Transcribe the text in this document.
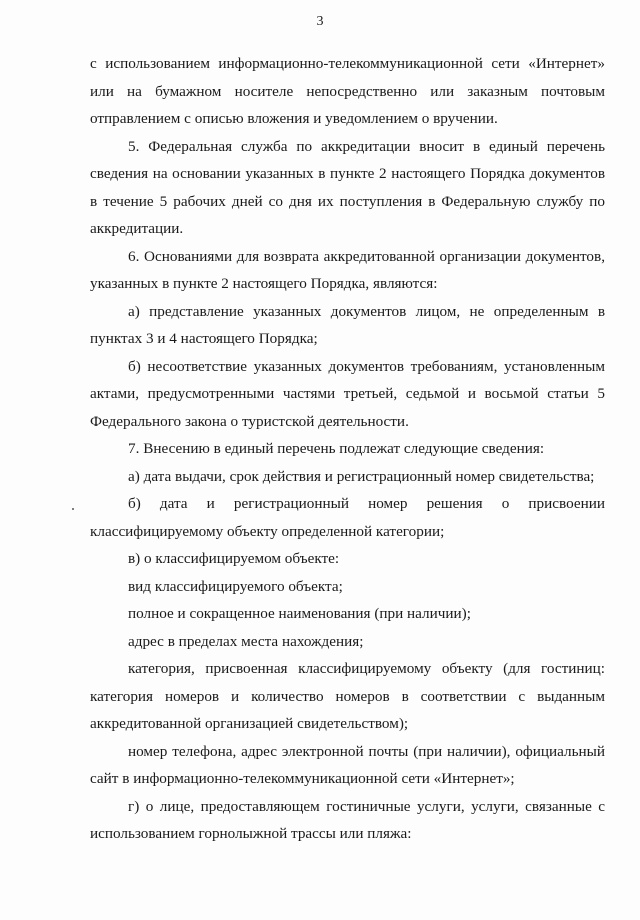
3

с использованием информационно-телекоммуникационной сети «Интернет» или на бумажном носителе непосредственно или заказным почтовым отправлением с описью вложения и уведомлением о вручении.

5. Федеральная служба по аккредитации вносит в единый перечень сведения на основании указанных в пункте 2 настоящего Порядка документов в течение 5 рабочих дней со дня их поступления в Федеральную службу по аккредитации.

6. Основаниями для возврата аккредитованной организации документов, указанных в пункте 2 настоящего Порядка, являются:

а) представление указанных документов лицом, не определенным в пунктах 3 и 4 настоящего Порядка;

б) несоответствие указанных документов требованиям, установленным актами, предусмотренными частями третьей, седьмой и восьмой статьи 5 Федерального закона о туристской деятельности.

7. Внесению в единый перечень подлежат следующие сведения:

а) дата выдачи, срок действия и регистрационный номер свидетельства;

б) дата и регистрационный номер решения о присвоении классифицируемому объекту определенной категории;

в) о классифицируемом объекте:

вид классифицируемого объекта;

полное и сокращенное наименования (при наличии);

адрес в пределах места нахождения;

категория, присвоенная классифицируемому объекту (для гостиниц: категория номеров и количество номеров в соответствии с выданным аккредитованной организацией свидетельством);

номер телефона, адрес электронной почты (при наличии), официальный сайт в информационно-телекоммуникационной сети «Интернет»;

г) о лице, предоставляющем гостиничные услуги, услуги, связанные с использованием горнолыжной трассы или пляжа:
